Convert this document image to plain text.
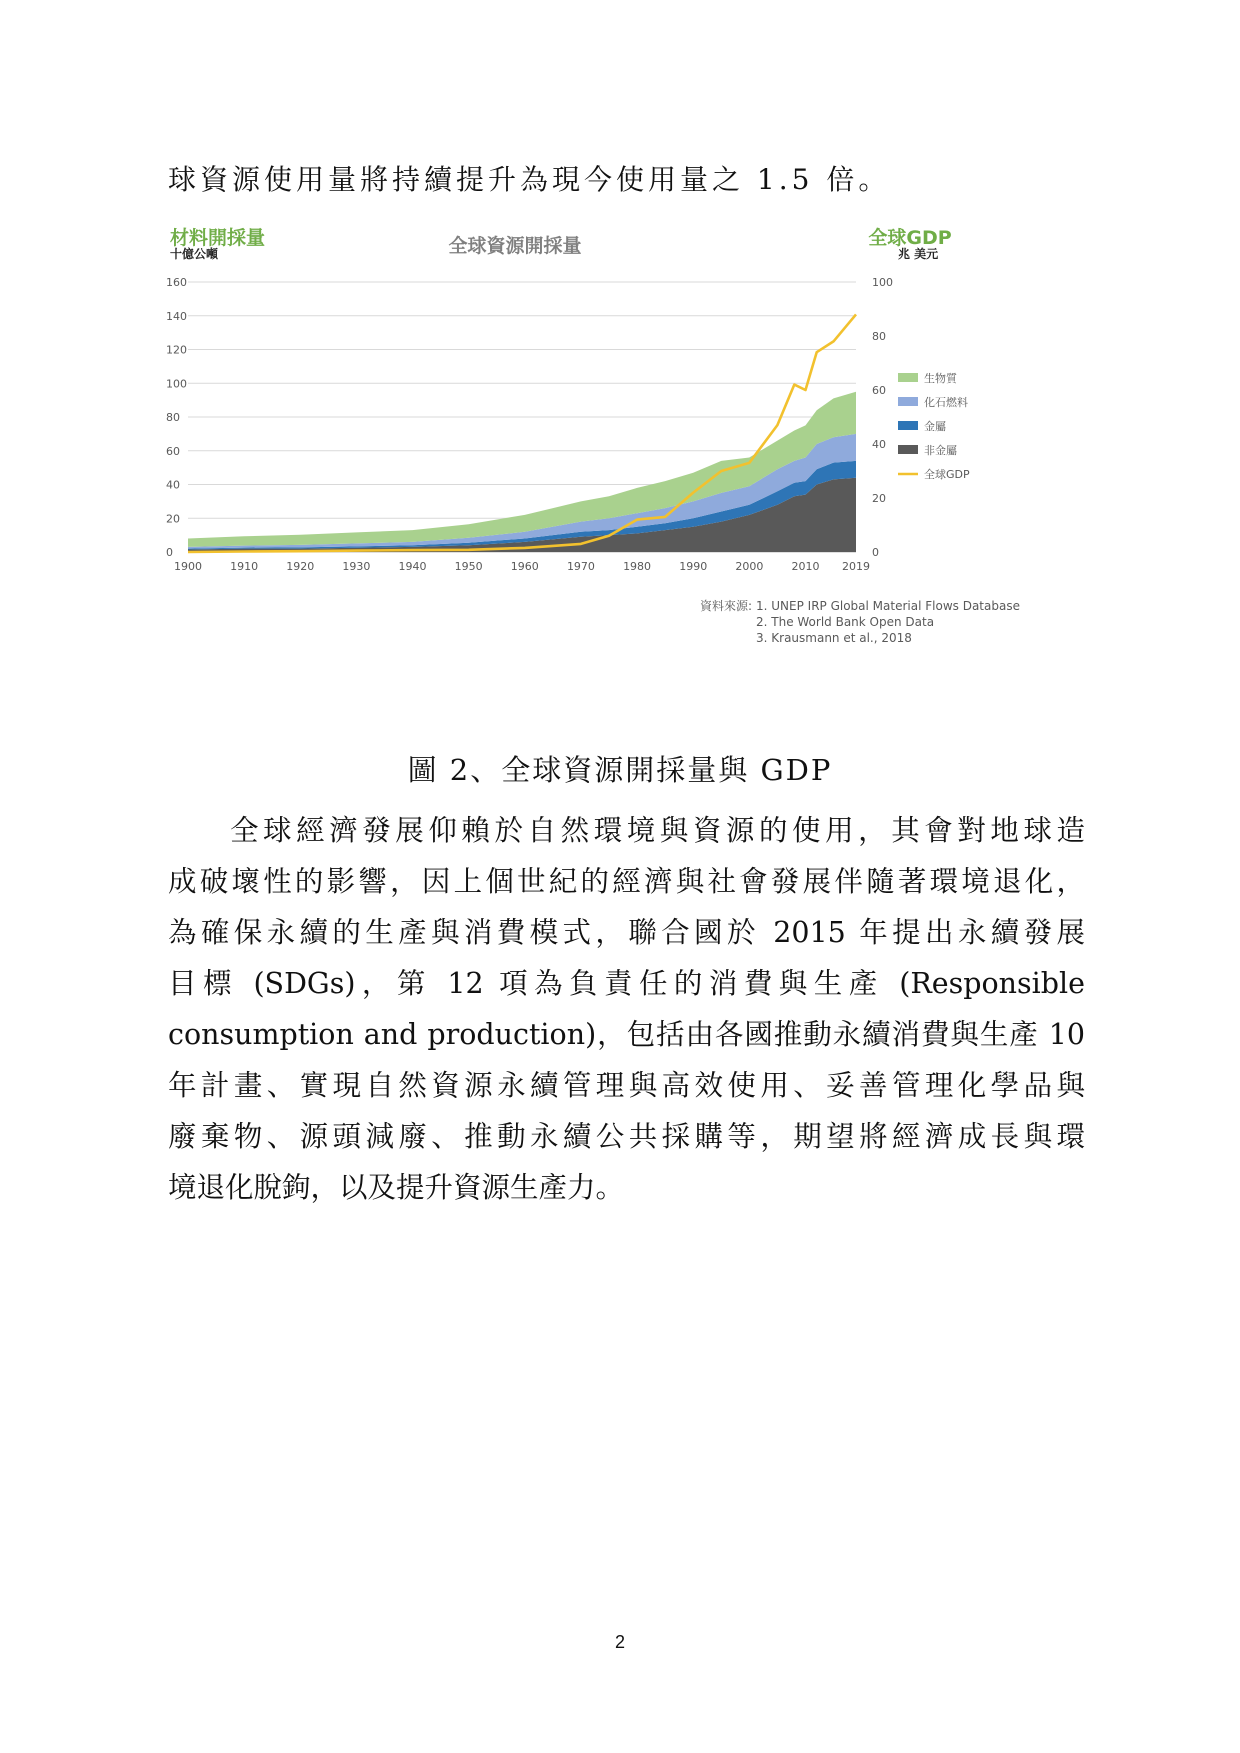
球資源使用量將持續提升為現今使用量之 1.5 倍。
材料開採量
十億公噸	全球資源開採量	全球GDP
兆 美元
0
20
40
60
80
100
120
140
160
0
20
40
60
80
100
1900	1910	1920	1930	1940	1950	1960	1970	1980	1990	2000	2010 2019
生物質
化石燃料
金屬
非金屬
全球GDP
資料來源: 1. UNEP IRP Global Material Flows Database
2. The World Bank Open Data
3. Krausmann et al., 2018
圖 2、全球資源開採量與 GDP

全球經濟發展仰賴於自然環境與資源的使用，其會對地球造

成破壞性的影響，因上個世紀的經濟與社會發展伴隨著環境退化，

為確保永續的生產與消費模式，聯合國於 2015 年提出永續發展

目標 (SDGs)，第 12 項為負責任的消費與生產 (Responsible

consumption and production)，包括由各國推動永續消費與生產 10

年計畫、實現自然資源永續管理與高效使用、妥善管理化學品與

廢棄物、源頭減廢、推動永續公共採購等，期望將經濟成長與環

境退化脫鉤，以及提升資源生產力。

2
